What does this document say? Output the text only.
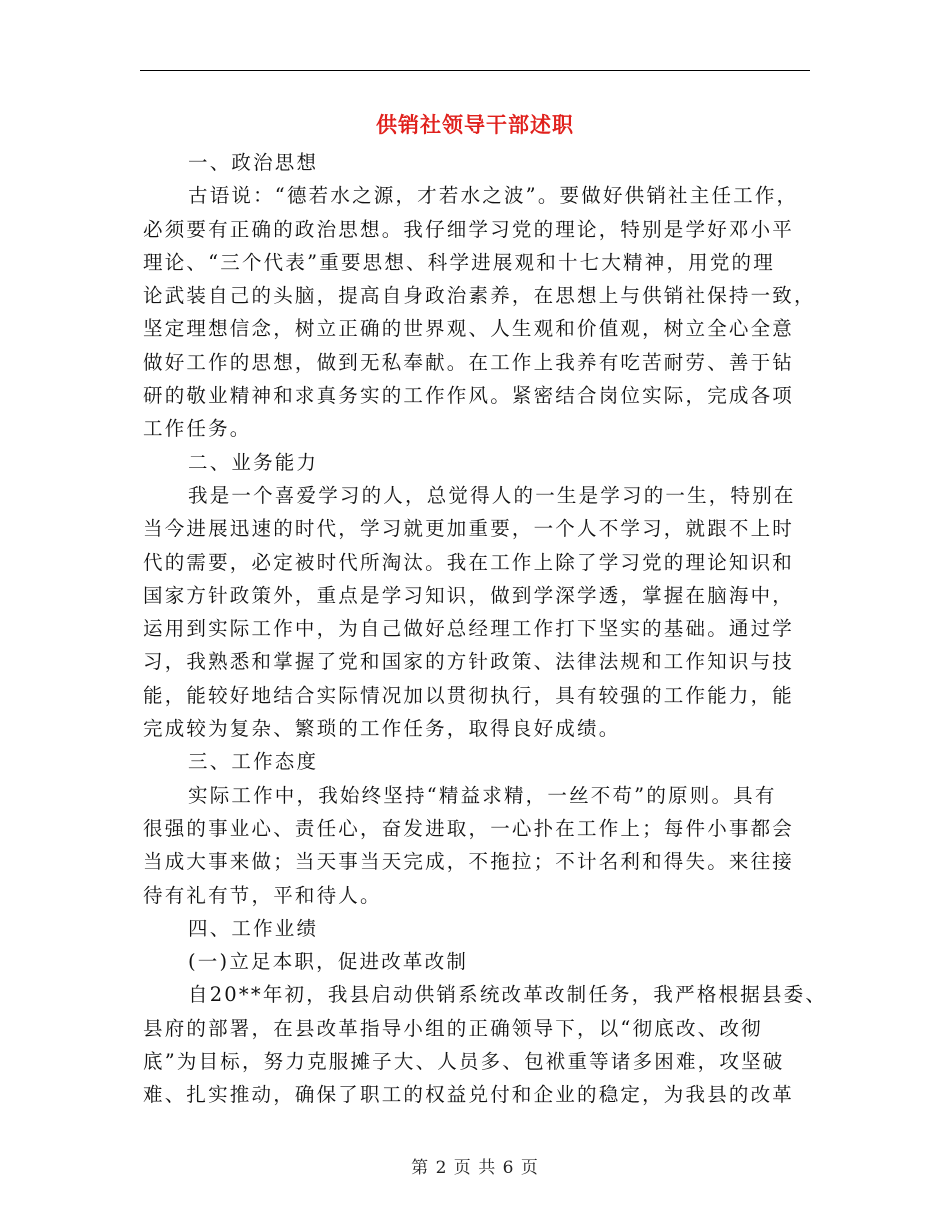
供销社领导干部述职
一、政治思想
古语说：“德若水之源，才若水之波”。要做好供销社主任工作，
必须要有正确的政治思想。我仔细学习党的理论，特别是学好邓小平
理论、“三个代表”重要思想、科学进展观和十七大精神，用党的理
论武装自己的头脑，提高自身政治素养，在思想上与供销社保持一致，
坚定理想信念，树立正确的世界观、人生观和价值观，树立全心全意
做好工作的思想，做到无私奉献。在工作上我养有吃苦耐劳、善于钻
研的敬业精神和求真务实的工作作风。紧密结合岗位实际，完成各项
工作任务。
二、业务能力
我是一个喜爱学习的人，总觉得人的一生是学习的一生，特别在
当今进展迅速的时代，学习就更加重要，一个人不学习，就跟不上时
代的需要，必定被时代所淘汰。我在工作上除了学习党的理论知识和
国家方针政策外，重点是学习知识，做到学深学透，掌握在脑海中，
运用到实际工作中，为自己做好总经理工作打下坚实的基础。通过学
习，我熟悉和掌握了党和国家的方针政策、法律法规和工作知识与技
能，能较好地结合实际情况加以贯彻执行，具有较强的工作能力，能
完成较为复杂、繁琐的工作任务，取得良好成绩。
三、工作态度
实际工作中，我始终坚持“精益求精，一丝不苟”的原则。具有
很强的事业心、责任心，奋发进取，一心扑在工作上；每件小事都会
当成大事来做；当天事当天完成，不拖拉；不计名利和得失。来往接
待有礼有节，平和待人。
四、工作业绩
(一)立足本职，促进改革改制
自20**年初，我县启动供销系统改革改制任务，我严格根据县委、
县府的部署，在县改革指导小组的正确领导下，以“彻底改、改彻
底”为目标，努力克服摊子大、人员多、包袱重等诸多困难，攻坚破
难、扎实推动，确保了职工的权益兑付和企业的稳定，为我县的改革
第 2 页 共 6 页
